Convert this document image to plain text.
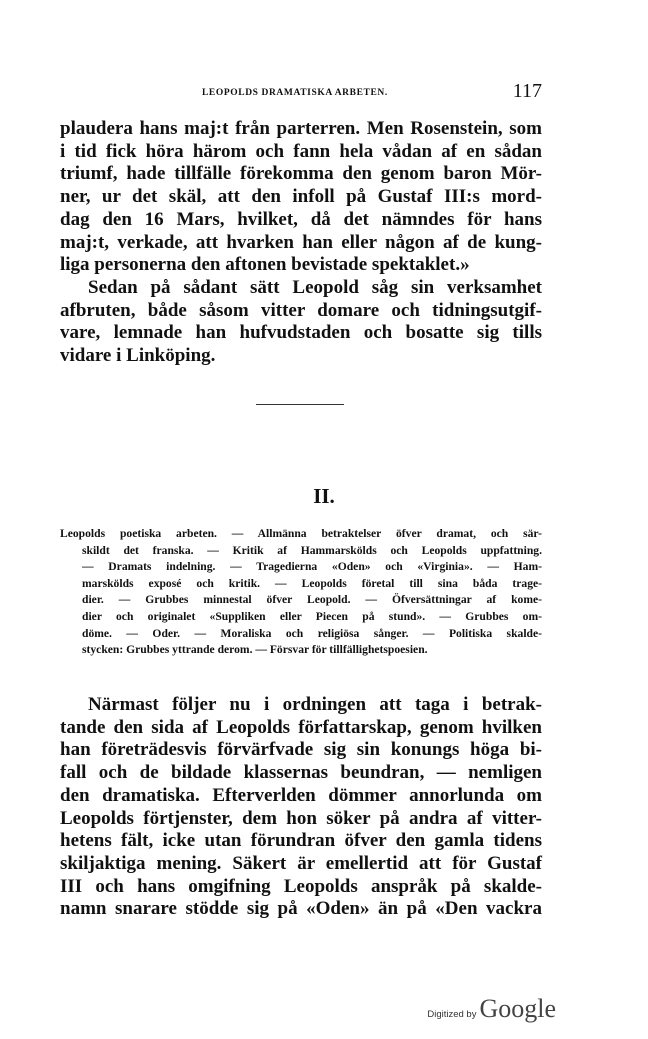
LEOPOLDS DRAMATISKA ARBETEN.	117
plaudera hans maj:t från parterren. Men Rosenstein, som
i tid fick höra härom och fann hela vådan af en sådan
triumf, hade tillfälle förekomma den genom baron Mör-
ner, ur det skäl, att den infoll på Gustaf III:s mord-
dag den 16 Mars, hvilket, då det nämndes för hans
maj:t, verkade, att hvarken han eller någon af de kung-
liga personerna den aftonen bevistade spektaklet.»
Sedan på sådant sätt Leopold såg sin verksamhet
afbruten, både såsom vitter domare och tidningsutgif-
vare, lemnade han hufvudstaden och bosatte sig tills
vidare i Linköping.
II.
Leopolds poetiska arbeten. — Allmänna betraktelser öfver dramat, och sär-
skildt det franska. — Kritik af Hammarskölds och Leopolds uppfattning.
— Dramats indelning. — Tragedierna «Oden» och «Virginia». — Ham-
marskölds exposé och kritik. — Leopolds företal till sina båda trage-
dier. — Grubbes minnestal öfver Leopold. — Öfversättningar af kome-
dier och originalet «Suppliken eller Piecen på stund». — Grubbes om-
döme. — Oder. — Moraliska och religiösa sånger. — Politiska skalde-
stycken: Grubbes yttrande derom. — Försvar för tillfällighetspoesien.
Närmast följer nu i ordningen att taga i betrak-
tande den sida af Leopolds författarskap, genom hvilken
han företrädesvis förvärfvade sig sin konungs höga bi-
fall och de bildade klassernas beundran, — nemligen
den dramatiska. Efterverlden dömmer annorlunda om
Leopolds förtjenster, dem hon söker på andra af vitter-
hetens fält, icke utan förundran öfver den gamla tidens
skiljaktiga mening. Säkert är emellertid att för Gustaf
III och hans omgifning Leopolds anspråk på skalde-
namn snarare stödde sig på «Oden» än på «Den vackra
Digitized by Google
